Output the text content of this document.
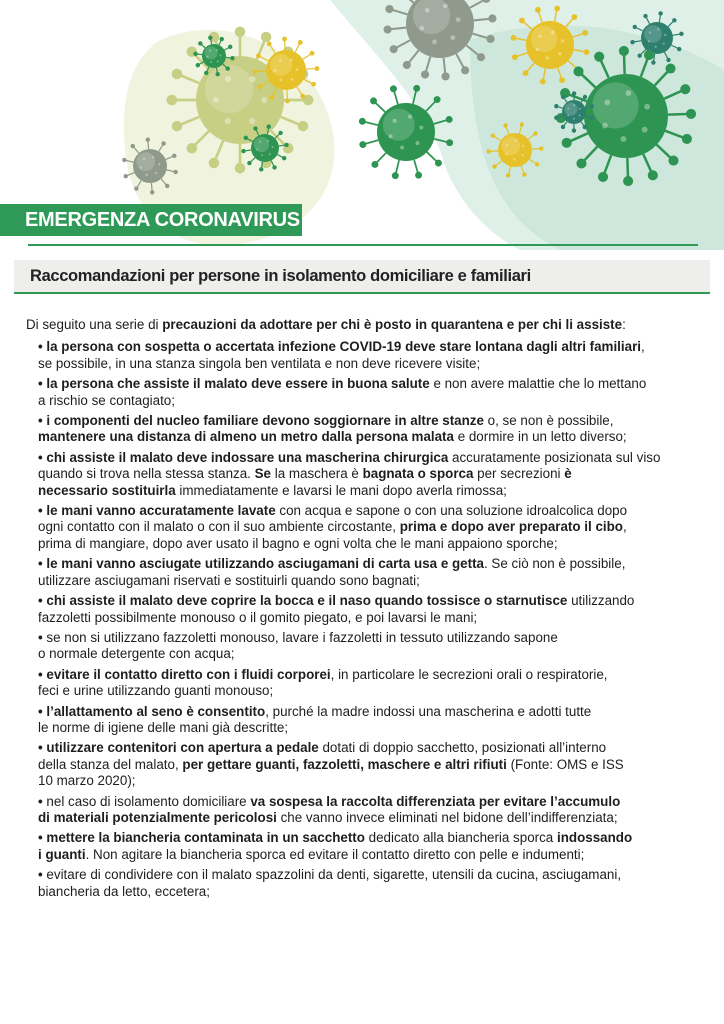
EMERGENZA CORONAVIRUS
Raccomandazioni per persone in isolamento domiciliare e familiari

Di seguito una serie di precauzioni da adottare per chi è posto in quarantena e per chi li assiste:

• la persona con sospetta o accertata infezione COVID-19 deve stare lontana dagli altri familiari,
se possibile, in una stanza singola ben ventilata e non deve ricevere visite;
• la persona che assiste il malato deve essere in buona salute e non avere malattie che lo mettano
a rischio se contagiato;
• i componenti del nucleo familiare devono soggiornare in altre stanze o, se non è possibile,
mantenere una distanza di almeno un metro dalla persona malata e dormire in un letto diverso;
• chi assiste il malato deve indossare una mascherina chirurgica accuratamente posizionata sul viso
quando si trova nella stessa stanza. Se la maschera è bagnata o sporca per secrezioni è
necessario sostituirla immediatamente e lavarsi le mani dopo averla rimossa;
• le mani vanno accuratamente lavate con acqua e sapone o con una soluzione idroalcolica dopo
ogni contatto con il malato o con il suo ambiente circostante, prima e dopo aver preparato il cibo,
prima di mangiare, dopo aver usato il bagno e ogni volta che le mani appaiono sporche;
• le mani vanno asciugate utilizzando asciugamani di carta usa e getta. Se ciò non è possibile,
utilizzare asciugamani riservati e sostituirli quando sono bagnati;
• chi assiste il malato deve coprire la bocca e il naso quando tossisce o starnutisce utilizzando
fazzoletti possibilmente monouso o il gomito piegato, e poi lavarsi le mani;
• se non si utilizzano fazzoletti monouso, lavare i fazzoletti in tessuto utilizzando sapone
o normale detergente con acqua;
• evitare il contatto diretto con i fluidi corporei, in particolare le secrezioni orali o respiratorie,
feci e urine utilizzando guanti monouso;
• l’allattamento al seno è consentito, purché la madre indossi una mascherina e adotti tutte
le norme di igiene delle mani già descritte;
• utilizzare contenitori con apertura a pedale dotati di doppio sacchetto, posizionati all’interno
della stanza del malato, per gettare guanti, fazzoletti, maschere e altri rifiuti (Fonte: OMS e ISS
10 marzo 2020);
• nel caso di isolamento domiciliare va sospesa la raccolta differenziata per evitare l’accumulo
di materiali potenzialmente pericolosi che vanno invece eliminati nel bidone dell’indifferenziata;
• mettere la biancheria contaminata in un sacchetto dedicato alla biancheria sporca indossando
i guanti. Non agitare la biancheria sporca ed evitare il contatto diretto con pelle e indumenti;
• evitare di condividere con il malato spazzolini da denti, sigarette, utensili da cucina, asciugamani,
biancheria da letto, eccetera;
